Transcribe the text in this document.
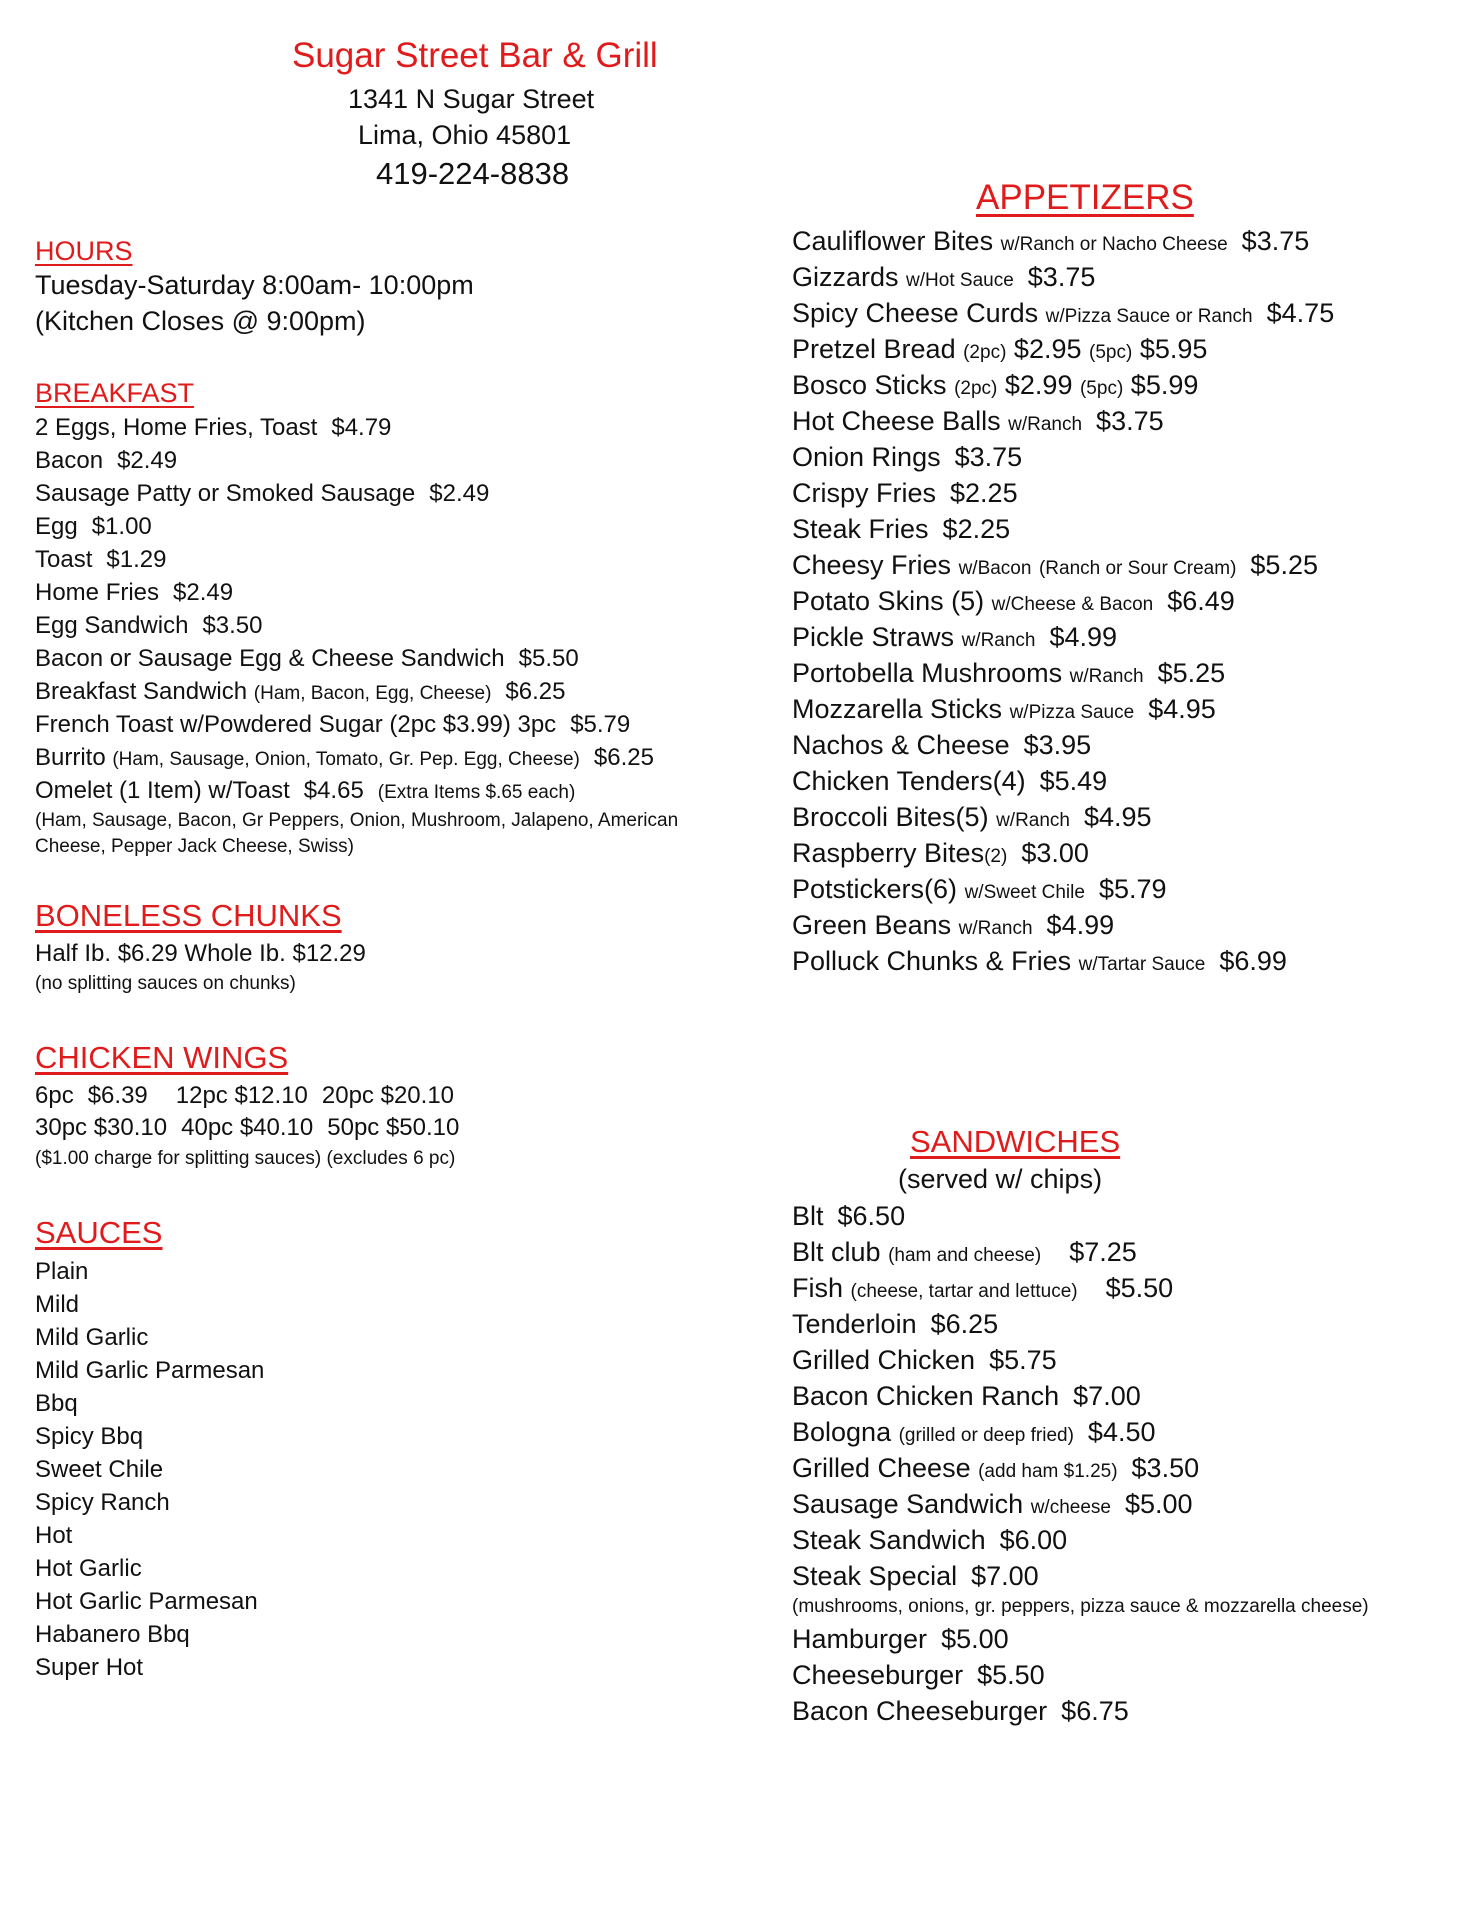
Sugar Street Bar & Grill
1341 N Sugar Street
Lima, Ohio 45801
419-224-8838
HOURS
Tuesday-Saturday 8:00am- 10:00pm
(Kitchen Closes @ 9:00pm)
BREAKFAST
2 Eggs, Home Fries, Toast $4.79
Bacon $2.49
Sausage Patty or Smoked Sausage $2.49
Egg $1.00
Toast $1.29
Home Fries $2.49
Egg Sandwich $3.50
Bacon or Sausage Egg & Cheese Sandwich $5.50
Breakfast Sandwich (Ham, Bacon, Egg, Cheese) $6.25
French Toast w/Powdered Sugar (2pc $3.99) 3pc $5.79
Burrito (Ham, Sausage, Onion, Tomato, Gr. Pep. Egg, Cheese) $6.25
Omelet (1 Item) w/Toast $4.65 (Extra Items $.65 each)
(Ham, Sausage, Bacon, Gr Peppers, Onion, Mushroom, Jalapeno, American
Cheese, Pepper Jack Cheese, Swiss)
BONELESS CHUNKS
Half Ib. $6.29 Whole Ib. $12.29
(no splitting sauces on chunks)
CHICKEN WINGS
6pc $6.39 12pc $12.10 20pc $20.10
30pc $30.10 40pc $40.10 50pc $50.10
($1.00 charge for splitting sauces) (excludes 6 pc)
SAUCES
Plain
Mild
Mild Garlic
Mild Garlic Parmesan
Bbq
Spicy Bbq
Sweet Chile
Spicy Ranch
Hot
Hot Garlic
Hot Garlic Parmesan
Habanero Bbq
Super Hot
APPETIZERS
Cauliflower Bites w/Ranch or Nacho Cheese $3.75
Gizzards w/Hot Sauce $3.75
Spicy Cheese Curds w/Pizza Sauce or Ranch $4.75
Pretzel Bread (2pc) $2.95 (5pc) $5.95
Bosco Sticks (2pc) $2.99 (5pc) $5.99
Hot Cheese Balls w/Ranch $3.75
Onion Rings $3.75
Crispy Fries $2.25
Steak Fries $2.25
Cheesy Fries w/Bacon (Ranch or Sour Cream) $5.25
Potato Skins (5) w/Cheese & Bacon $6.49
Pickle Straws w/Ranch $4.99
Portobella Mushrooms w/Ranch $5.25
Mozzarella Sticks w/Pizza Sauce $4.95
Nachos & Cheese $3.95
Chicken Tenders(4) $5.49
Broccoli Bites(5) w/Ranch $4.95
Raspberry Bites(2) $3.00
Potstickers(6) w/Sweet Chile $5.79
Green Beans w/Ranch $4.99
Polluck Chunks & Fries w/Tartar Sauce $6.99
SANDWICHES
(served w/ chips)
Blt $6.50
Blt club (ham and cheese) $7.25
Fish (cheese, tartar and lettuce) $5.50
Tenderloin $6.25
Grilled Chicken $5.75
Bacon Chicken Ranch $7.00
Bologna (grilled or deep fried) $4.50
Grilled Cheese (add ham $1.25) $3.50
Sausage Sandwich w/cheese $5.00
Steak Sandwich $6.00
Steak Special $7.00
(mushrooms, onions, gr. peppers, pizza sauce & mozzarella cheese)
Hamburger $5.00
Cheeseburger $5.50
Bacon Cheeseburger $6.75
